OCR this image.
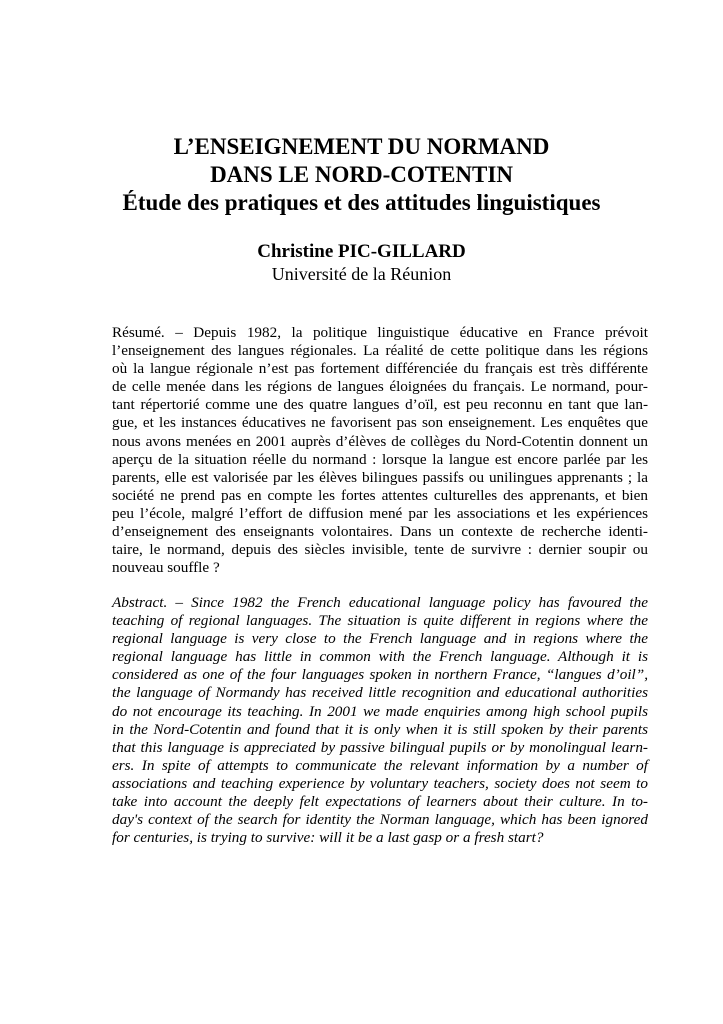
L’ENSEIGNEMENT DU NORMAND
DANS LE NORD-COTENTIN
Étude des pratiques et des attitudes linguistiques
Christine PIC-GILLARD
Université de la Réunion
Résumé. – Depuis 1982, la politique linguistique éducative en France prévoit
l’enseignement des langues régionales. La réalité de cette politique dans les régions
où la langue régionale n’est pas fortement différenciée du français est très différente
de celle menée dans les régions de langues éloignées du français. Le normand, pour-
tant répertorié comme une des quatre langues d’oïl, est peu reconnu en tant que lan-
gue, et les instances éducatives ne favorisent pas son enseignement. Les enquêtes que
nous avons menées en 2001 auprès d’élèves de collèges du Nord-Cotentin donnent un
aperçu de la situation réelle du normand : lorsque la langue est encore parlée par les
parents, elle est valorisée par les élèves bilingues passifs ou unilingues apprenants ; la
société ne prend pas en compte les fortes attentes culturelles des apprenants, et bien
peu l’école, malgré l’effort de diffusion mené par les associations et les expériences
d’enseignement des enseignants volontaires. Dans un contexte de recherche identi-
taire, le normand, depuis des siècles invisible, tente de survivre : dernier soupir ou
nouveau souffle ?
Abstract. – Since 1982 the French educational language policy has favoured the
teaching of regional languages. The situation is quite different in regions where the
regional language is very close to the French language and in regions where the
regional language has little in common with the French language. Although it is
considered as one of the four languages spoken in northern France, “langues d’oil”,
the language of Normandy has received little recognition and educational authorities
do not encourage its teaching. In 2001 we made enquiries among high school pupils
in the Nord-Cotentin and found that it is only when it is still spoken by their parents
that this language is appreciated by passive bilingual pupils or by monolingual learn-
ers. In spite of attempts to communicate the relevant information by a number of
associations and teaching experience by voluntary teachers, society does not seem to
take into account the deeply felt expectations of learners about their culture. In to-
day's context of the search for identity the Norman language, which has been ignored
for centuries, is trying to survive: will it be a last gasp or a fresh start?
